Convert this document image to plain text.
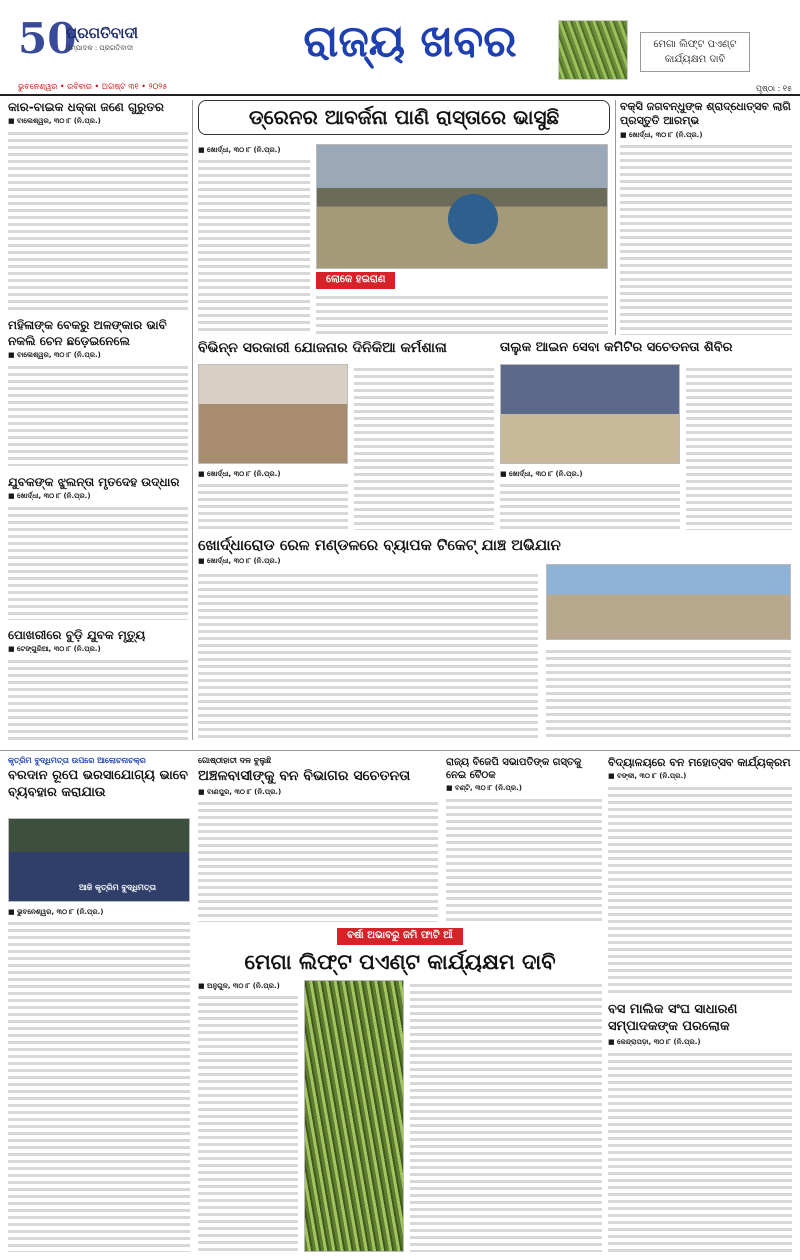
50
ପ୍ରଗତିବାଦୀ
ସମ୍ପାଦକ : ପ୍ରଗତିବାଦୀ
ଭୁବନେଶ୍ୱର • ରବିବାର • ଅଗଷ୍ଟ ୩୧ • ୨୦୨୫
ରାଜ୍ୟ ଖବର	ମେଗା ଲିଫ୍ଟ ପଏଣ୍ଟ କାର୍ଯ୍ୟକ୍ଷମ ଦାବି
ପୃଷ୍ଠା : ୧୫
କାର-ବାଇକ ଧକ୍କା ଜଣେ ଗୁରୁତର
■ ବାଲେଶ୍ୱର, ୩୦।୮ (ନି.ପ୍ର.)
ମହିଳାଙ୍କ ବେକରୁ ଅଳଙ୍କାର ଭାବି ନକଲି ଚେନ ଛଡ଼େଇନେଲେ
■ ବାଲେଶ୍ୱର, ୩୦।୮ (ନି.ପ୍ର.)
ଯୁବକଙ୍କ ଝୁଲନ୍ତା ମୃତଦେହ ଉଦ୍ଧାର
■ ଖୋର୍ଦ୍ଧା, ୩୦।୮ (ନି.ପ୍ର.)
ପୋଖରୀରେ ବୁଡ଼ି ଯୁବକ ମୃତ୍ୟୁ
■ ଟେଙ୍ଗୁରିଆ, ୩୦।୮ (ନି.ପ୍ର.)
ଡ୍ରେନର ଆବର୍ଜନା ପାଣି ରାସ୍ତାରେ ଭାସୁଛି
■ ଖୋର୍ଦ୍ଧା, ୩୦।୮ (ନି.ପ୍ର.)
ଲୋକେ ହଇରାଣ
ବକ୍ସି ଜଗବନ୍ଧୁଙ୍କ ଶ୍ରାଦ୍ଧୋତ୍ସବ ଲାଗି ପ୍ରସ୍ତୁତି ଆରମ୍ଭ
■ ଖୋର୍ଦ୍ଧା, ୩୦।୮ (ନି.ପ୍ର.)
ବିଭିନ୍ନ ସରକାରୀ ଯୋଜନାର ଦିନିକିଆ କର୍ମଶାଳା
■ ଖୋର୍ଦ୍ଧା, ୩୦।୮ (ନି.ପ୍ର.)
ତାଲୁକ ଆଇନ ସେବା କମିଟିର ସଚେତନତା ଶିବିର
■ ଖୋର୍ଦ୍ଧା, ୩୦।୮ (ନି.ପ୍ର.)
ଖୋର୍ଦ୍ଧାରୋଡ ରେଳ ମଣ୍ଡଳରେ ବ୍ୟାପକ ଟିକେଟ୍ ଯାଞ୍ଚ ଅଭିଯାନ
■ ଖୋର୍ଦ୍ଧା, ୩୦।୮ (ନି.ପ୍ର.)
କୃତ୍ରିମ ବୁଦ୍ଧିମତ୍ତା ଉପରେ ଆଲୋଚନାଚକ୍ର
ବରଦାନ ରୂପେ ଭରସାଯୋଗ୍ୟ ଭାବେ ବ୍ୟବହାର କରାଯାଉ
ଆଜି କୃତ୍ରିମ ବୁଦ୍ଧିମତ୍ତା
■ ଭୁବନେଶ୍ୱର, ୩୦।୮ (ନି.ପ୍ର.)
ଗୋଷ୍ଠୀହାତୀ ଦଳ ବୁଲୁଛି
ଅଞ୍ଚଳବାସୀଙ୍କୁ ବନ ବିଭାଗର ସଚେତନତା
■ ବାଣପୁର, ୩୦।୮ (ନି.ପ୍ର.)
ରାଜ୍ୟ ବିଜେପି ସଭାପତିଙ୍କ ଗସ୍ତକୁ ନେଇ ବୈଠକ
■ ବଣ୍ଟି, ୩୦।୮ (ନି.ପ୍ର.)
ବିଦ୍ୟାଳୟରେ ବନ ମହୋତ୍ସବ କାର୍ଯ୍ୟକ୍ରମ
■ ବଙ୍କୀ, ୩୦।୮ (ନି.ପ୍ର.)
ବର୍ଷା ଅଭାବରୁ ଜମି ଫାଟି ଆଁ
ମେଗା ଲିଫ୍ଟ ପଏଣ୍ଟ କାର୍ଯ୍ୟକ୍ଷମ ଦାବି
■ ଅନୁଗୁଳ, ୩୦।୮ (ନି.ପ୍ର.)
ବସ ମାଲିକ ସଂଘ ସାଧାରଣ ସମ୍ପାଦକଙ୍କ ପରଲୋକ
■ କେନ୍ଦ୍ରାପଡ଼ା, ୩୦।୮ (ନି.ପ୍ର.)
